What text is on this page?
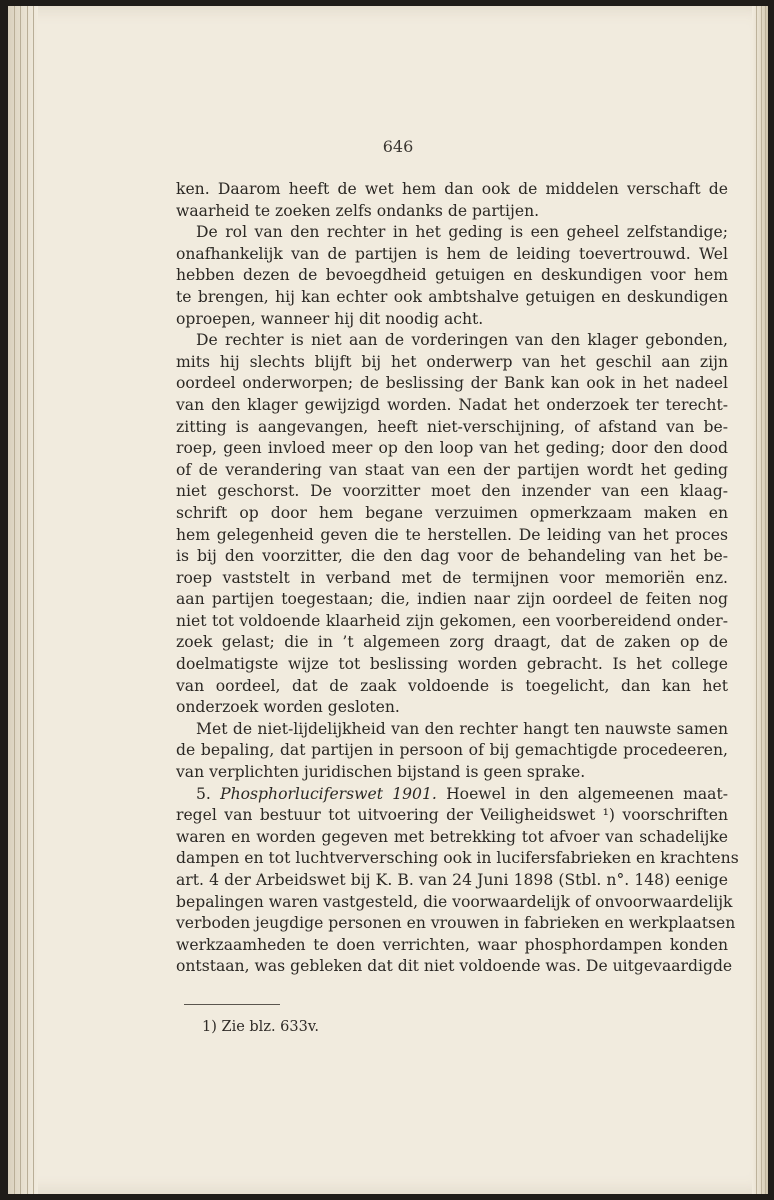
646

ken. Daarom heeft de wet hem dan ook de middelen verschaft de
waarheid te zoeken zelfs ondanks de partijen.

De rol van den rechter in het geding is een geheel zelfstandige;
onafhankelijk van de partijen is hem de leiding toevertrouwd. Wel
hebben dezen de bevoegdheid getuigen en deskundigen voor hem
te brengen, hij kan echter ook ambtshalve getuigen en deskundigen
oproepen, wanneer hij dit noodig acht.

De rechter is niet aan de vorderingen van den klager gebonden,
mits hij slechts blijft bij het onderwerp van het geschil aan zijn
oordeel onderworpen; de beslissing der Bank kan ook in het nadeel
van den klager gewijzigd worden. Nadat het onderzoek ter terecht-
zitting is aangevangen, heeft niet-verschijning, of afstand van be-
roep, geen invloed meer op den loop van het geding; door den dood
of de verandering van staat van een der partijen wordt het geding
niet geschorst. De voorzitter moet den inzender van een klaag-
schrift op door hem begane verzuimen opmerkzaam maken en
hem gelegenheid geven die te herstellen. De leiding van het proces
is bij den voorzitter, die den dag voor de behandeling van het be-
roep vaststelt in verband met de termijnen voor memoriën enz.
aan partijen toegestaan; die, indien naar zijn oordeel de feiten nog
niet tot voldoende klaarheid zijn gekomen, een voorbereidend onder-
zoek gelast; die in ’t algemeen zorg draagt, dat de zaken op de
doelmatigste wijze tot beslissing worden gebracht. Is het college
van oordeel, dat de zaak voldoende is toegelicht, dan kan het
onderzoek worden gesloten.

Met de niet-lijdelijkheid van den rechter hangt ten nauwste samen
de bepaling, dat partijen in persoon of bij gemachtigde procedeeren,
van verplichten juridischen bijstand is geen sprake.

5. Phosphorluciferswet 1901. Hoewel in den algemeenen maat-
regel van bestuur tot uitvoering der Veiligheidswet ¹) voorschriften
waren en worden gegeven met betrekking tot afvoer van schadelijke
dampen en tot luchtverversching ook in lucifersfabrieken en krachtens
art. 4 der Arbeidswet bij K. B. van 24 Juni 1898 (Stbl. n°. 148) eenige
bepalingen waren vastgesteld, die voorwaardelijk of onvoorwaardelijk
verboden jeugdige personen en vrouwen in fabrieken en werkplaatsen
werkzaamheden te doen verrichten, waar phosphordampen konden
ontstaan, was gebleken dat dit niet voldoende was. De uitgevaardigde

1) Zie blz. 633v.
